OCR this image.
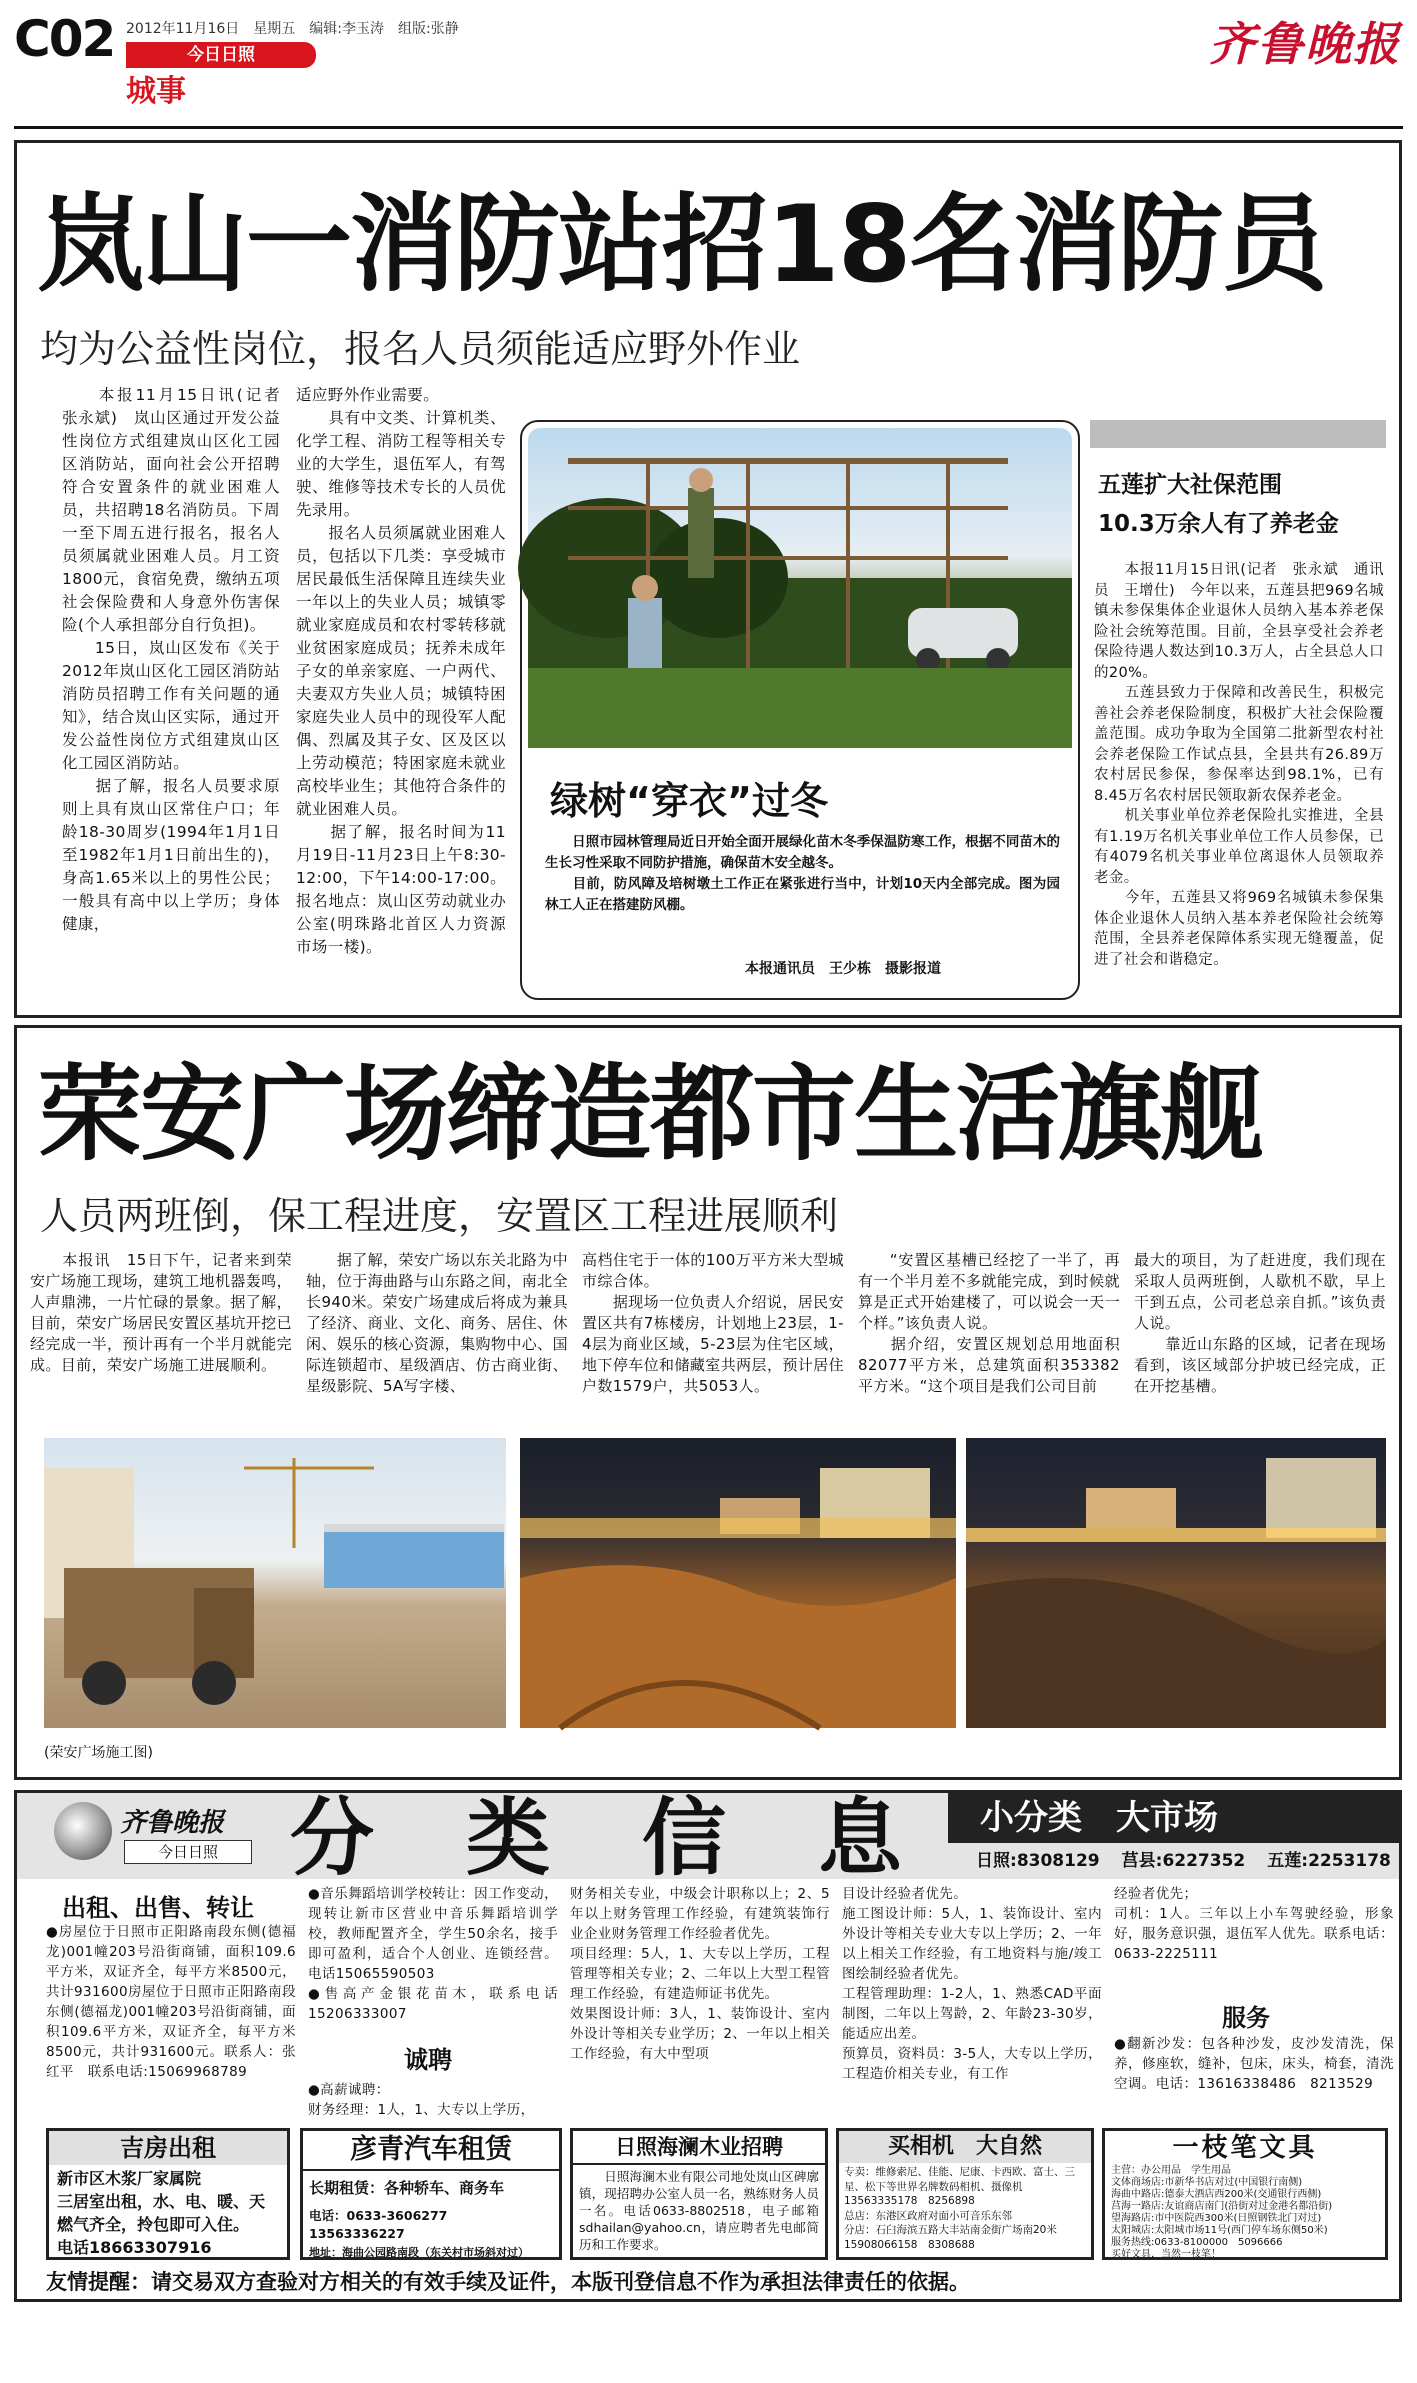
C02 2012年11月16日　星期五　编辑:李玉涛　组版:张静
今日日照
城事
齐鲁晚报
岚山一消防站招18名消防员
均为公益性岗位，报名人员须能适应野外作业
　　本报11月15日讯(记者　张永斌)　岚山区通过开发公益性岗位方式组建岚山区化工园区消防站，面向社会公开招聘符合安置条件的就业困难人员，共招聘18名消防员。下周一至下周五进行报名，报名人员须属就业困难人员。月工资1800元，食宿免费，缴纳五项社会保险费和人身意外伤害保险(个人承担部分自行负担)。
　　15日，岚山区发布《关于2012年岚山区化工园区消防站消防员招聘工作有关问题的通知》，结合岚山区实际，通过开发公益性岗位方式组建岚山区化工园区消防站。
　　据了解，报名人员要求原则上具有岚山区常住户口；年龄18-30周岁(1994年1月1日至1982年1月1日前出生的)，身高1.65米以上的男性公民；一般具有高中以上学历；身体健康，
适应野外作业需要。
　　具有中文类、计算机类、化学工程、消防工程等相关专业的大学生，退伍军人，有驾驶、维修等技术专长的人员优先录用。
　　报名人员须属就业困难人员，包括以下几类：享受城市居民最低生活保障且连续失业一年以上的失业人员；城镇零就业家庭成员和农村零转移就业贫困家庭成员；抚养未成年子女的单亲家庭、一户两代、夫妻双方失业人员；城镇特困家庭失业人员中的现役军人配偶、烈属及其子女、区及区以上劳动模范；特困家庭未就业高校毕业生；其他符合条件的就业困难人员。
　　据了解，报名时间为11月19日-11月23日上午8:30-12:00，下午14:00-17:00。报名地点：岚山区劳动就业办公室(明珠路北首区人力资源市场一楼)。
绿树“穿衣”过冬
　　日照市园林管理局近日开始全面开展绿化苗木冬季保温防寒工作，根据不同苗木的生长习性采取不同防护措施，确保苗木安全越冬。
　　目前，防风障及培树墩土工作正在紧张进行当中，计划10天内全部完成。图为园林工人正在搭建防风棚。
本报通讯员　王少栋　摄影报道
五莲扩大社保范围
10.3万余人有了养老金
　　本报11月15日讯(记者　张永斌　通讯员　王增仕)　今年以来，五莲县把969名城镇未参保集体企业退休人员纳入基本养老保险社会统筹范围。目前，全县享受社会养老保险待遇人数达到10.3万人，占全县总人口的20%。
　　五莲县致力于保障和改善民生，积极完善社会养老保险制度，积极扩大社会保险覆盖范围。成功争取为全国第二批新型农村社会养老保险工作试点县，全县共有26.89万农村居民参保，参保率达到98.1%，已有8.45万名农村居民领取新农保养老金。
　　机关事业单位养老保险扎实推进，全县有1.19万名机关事业单位工作人员参保，已有4079名机关事业单位离退休人员领取养老金。
　　今年，五莲县又将969名城镇未参保集体企业退休人员纳入基本养老保险社会统筹范围，全县养老保障体系实现无缝覆盖，促进了社会和谐稳定。
荣安广场缔造都市生活旗舰
人员两班倒，保工程进度，安置区工程进展顺利
　　本报讯　15日下午，记者来到荣安广场施工现场，建筑工地机器轰鸣，人声鼎沸，一片忙碌的景象。据了解，目前，荣安广场居民安置区基坑开挖已经完成一半，预计再有一个半月就能完成。目前，荣安广场施工进展顺利。
　　据了解，荣安广场以东关北路为中轴，位于海曲路与山东路之间，南北全长940米。荣安广场建成后将成为兼具了经济、商业、文化、商务、居住、休闲、娱乐的核心资源，集购物中心、国际连锁超市、星级酒店、仿古商业街、星级影院、5A写字楼、
高档住宅于一体的100万平方米大型城市综合体。
　　据现场一位负责人介绍说，居民安置区共有7栋楼房，计划地上23层，1-4层为商业区域，5-23层为住宅区域，地下停车位和储藏室共两层，预计居住户数1579户，共5053人。
　　“安置区基槽已经挖了一半了，再有一个半月差不多就能完成，到时候就算是正式开始建楼了，可以说会一天一个样。”该负责人说。
　　据介绍，安置区规划总用地面积82077平方米，总建筑面积353382平方米。“这个项目是我们公司目前
最大的项目，为了赶进度，我们现在采取人员两班倒，人歇机不歇，早上干到五点，公司老总亲自抓。”该负责人说。
　　靠近山东路的区域，记者在现场看到，该区域部分护坡已经完成，正在开挖基槽。
(荣安广场施工图)
齐鲁晚报
今日日照 分　类　信　息 小分类　大市场
日照:8308129 莒县:6227352 五莲:2253178
出租、出售、转让
●房屋位于日照市正阳路南段东侧(德福龙)001幢203号沿街商铺，面积109.6平方米，双证齐全，每平方米8500元，共计931600房屋位于日照市正阳路南段东侧(德福龙)001幢203号沿街商铺，面积109.6平方米，双证齐全，每平方米8500元，共计931600元。联系人：张红平　联系电话:15069968789
●音乐舞蹈培训学校转让：因工作变动，现转让新市区营业中音乐舞蹈培训学校，教师配置齐全，学生50余名，接手即可盈利，适合个人创业、连锁经营。电话15065590503
●售高产金银花苗木，联系电话15206333007
诚聘
●高薪诚聘：
财务经理：1人，1、大专以上学历，
财务相关专业，中级会计职称以上；2、5年以上财务管理工作经验，有建筑装饰行业企业财务管理工作经验者优先。
项目经理：5人，1、大专以上学历，工程管理等相关专业；2、二年以上大型工程管理工作经验，有建造师证书优先。
效果图设计师：3人，1、装饰设计、室内外设计等相关专业学历；2、一年以上相关工作经验，有大中型项
目设计经验者优先。
施工图设计师：5人，1、装饰设计、室内外设计等相关专业大专以上学历；2、一年以上相关工作经验，有工地资料与施/竣工图绘制经验者优先。
工程管理助理：1-2人，1、熟悉CAD平面制图，二年以上驾龄，2、年龄23-30岁，能适应出差。
预算员，资料员：3-5人，大专以上学历，工程造价相关专业，有工作
经验者优先；
司机：1人。三年以上小车驾驶经验，形象好，服务意识强，退伍军人优先。联系电话：0633-2225111
服务
●翻新沙发：包各种沙发，皮沙发清洗，保养，修座软，缝补，包床，床头，椅套，清洗空调。电话：13616338486　8213529
吉房出租
新市区木浆厂家属院
三居室出租，水、电、暖、天
燃气齐全，拎包即可入住。
电话18663307916
彦青汽车租赁
长期租赁：各种轿车、商务车
电话：0633-3606277　13563336227
地址：海曲公园路南段（东关村市场斜对过）
日照海澜木业招聘
　　日照海澜木业有限公司地处岚山区碑廓镇，现招聘办公室人员一名，熟练财务人员一名。电话0633-8802518，电子邮箱sdhailan@yahoo.cn，请应聘者先电邮简历和工作要求。
买相机　大自然
专卖：维修索尼、佳能、尼康、卡西欧、富士、三星、松下等世界名牌数码相机、摄像机
13563335178　8256898
总店：东港区政府对面小可音乐东邻
分店：石臼海滨五路大丰站南金街广场南20米　15908066158　8308688
一枝笔文具
主营：办公用品　学生用品
文体商场店:市新华书店对过(中国银行南侧)
海曲中路店:德泰大酒店西200米(交通银行西侧)
莒海一路店:友谊商店南门(沿街对过金港名都沿街)
望海路店:市中医院西300米(日照钢铁北门对过)
太阳城店:太阳城市场11号(西门停车场东侧50米)
服务热线:0633-8100000　5096666
买好文具，当然一枝笔！
友情提醒：请交易双方查验对方相关的有效手续及证件，本版刊登信息不作为承担法律责任的依据。
